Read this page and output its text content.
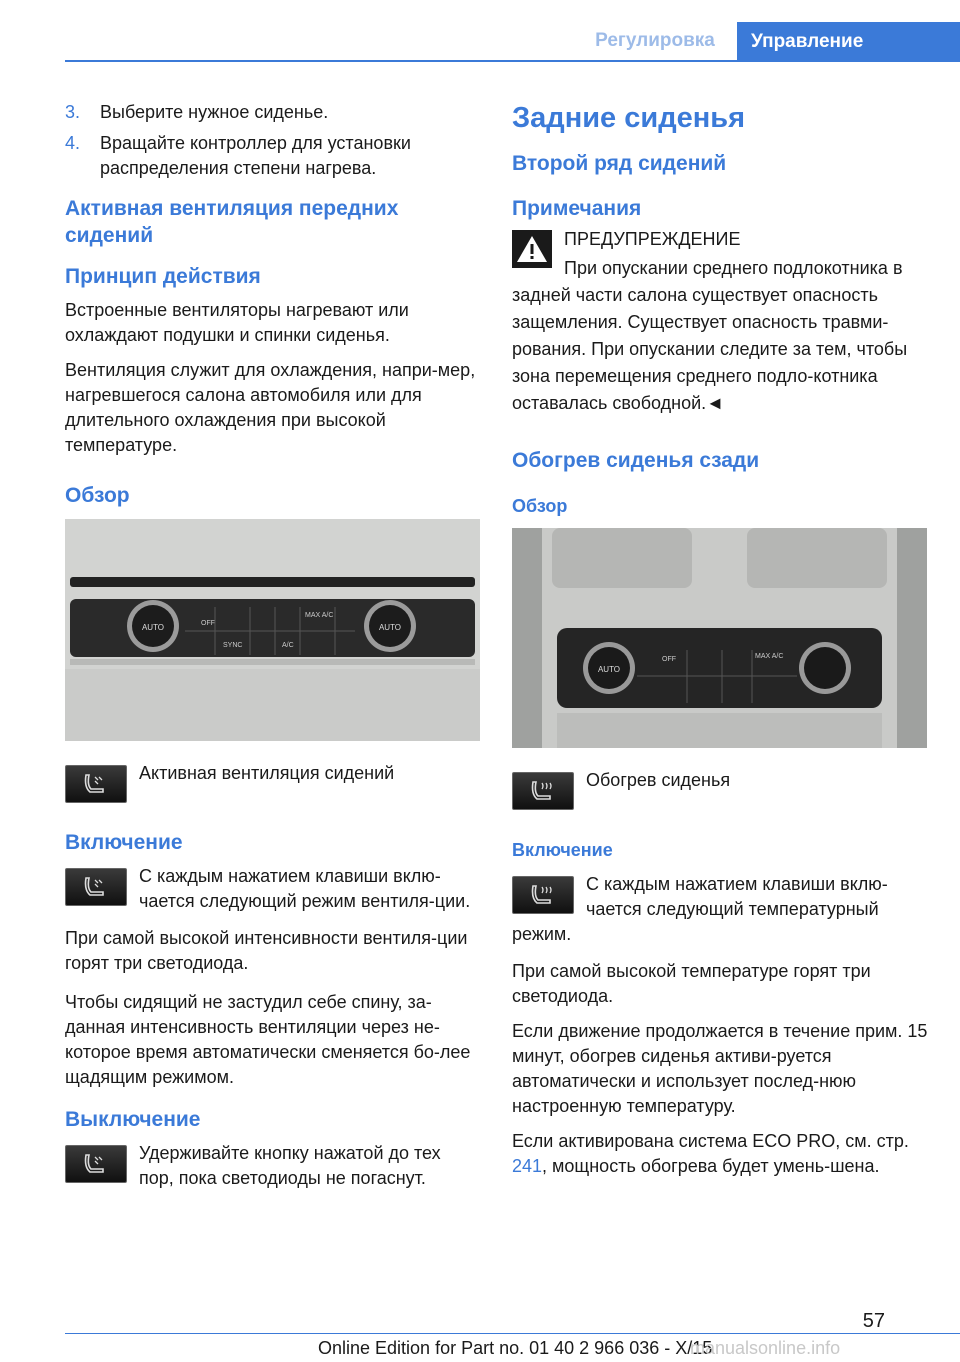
Регулировка	Управление
3.	Выберите нужное сиденье.
4.	Вращайте контроллер для установки распределения степени нагрева.
Активная вентиляция передних сидений
Принцип действия

Встроенные вентиляторы нагревают или охлаждают подушки и спинки сиденья.

Вентиляция служит для охлаждения, напри-мер, нагревшегося салона автомобиля или для длительного охлаждения при высокой температуре.

Обзор
AUTO	AUTO
OFF
MAX A/C
SYNC	A/C
Активная вентиляция сидений
Включение
С каждым нажатием клавиши вклю-чается следующий режим вентиля-ции.

При самой высокой интенсивности вентиля-ции горят три светодиода.

Чтобы сидящий не застудил себе спину, за-данная интенсивность вентиляции через не-которое время автоматически сменяется бо-лее щадящим режимом.

Выключение
Удерживайте кнопку нажатой до тех пор, пока светодиоды не погаснут.
Задние сиденья
Второй ряд сидений
Примечания
ПРЕДУПРЕЖДЕНИЕ
При опускании среднего подлокотника в задней части салона существует опасность защемления. Существует опасность травми-рования. При опускании следите за тем, чтобы зона перемещения среднего подло-котника оставалась свободной.◄
Обогрев сиденья сзади
Обзор
AUTO
OFF	MAX A/C
Обогрев сиденья
Включение
С каждым нажатием клавиши вклю-чается следующий температурный режим.

При самой высокой температуре горят три светодиода.

Если движение продолжается в течение прим. 15 минут, обогрев сиденья активи-руется автоматически и использует послед-нюю настроенную температуру.

Если активирована система ECO PRO, см. стр. 241, мощность обогрева будет умень-шена.

57
Online Edition for Part no. 01 40 2 966 036 - X/15
manualsonline.info
